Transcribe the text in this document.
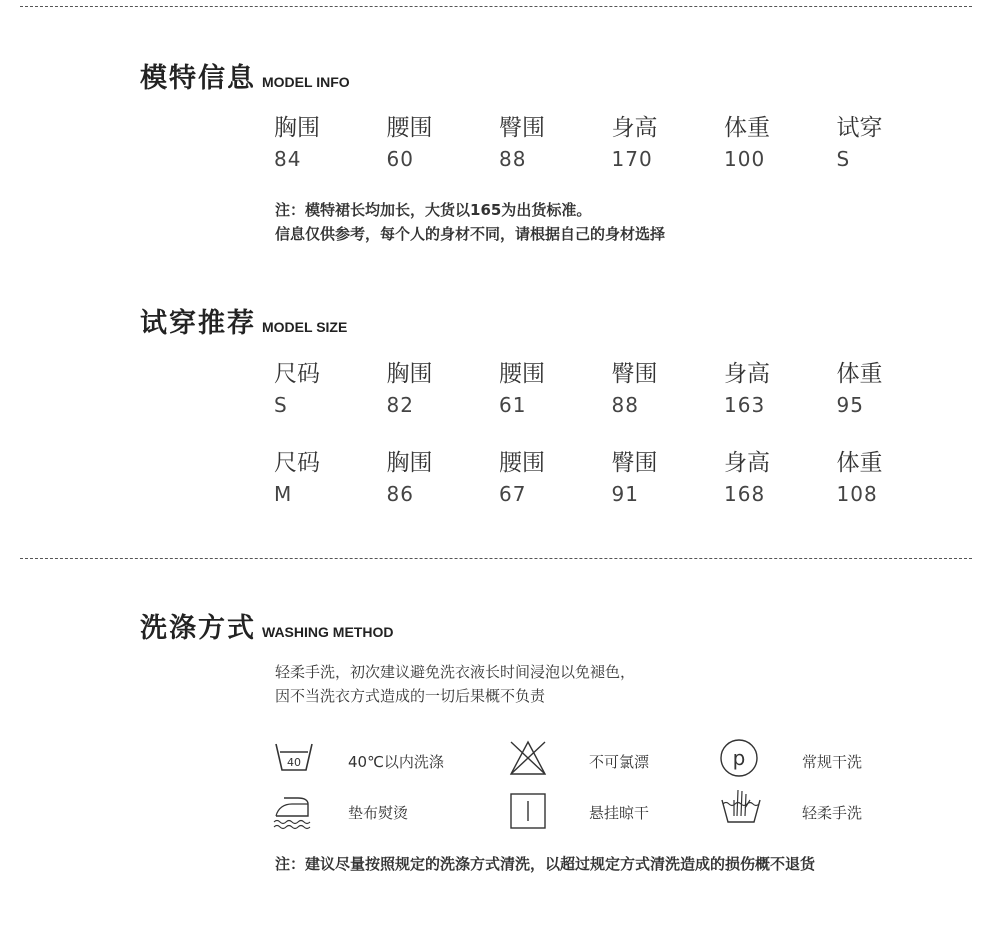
模特信息 MODEL INFO
胸围	腰围	臀围	身高	体重	试穿
84	60	88	170	100	S
注：模特裙长均加长，大货以165为出货标准。
信息仅供参考，每个人的身材不同，请根据自己的身材选择
试穿推荐 MODEL SIZE
尺码	胸围	腰围	臀围	身高	体重
S	82	61	88	163	95
尺码	胸围	腰围	臀围	身高	体重
M	86	67	91	168	108
洗涤方式 WASHING METHOD
轻柔手洗，初次建议避免洗衣液长时间浸泡以免褪色，
因不当洗衣方式造成的一切后果概不负责
40	40℃以内洗涤	不可氯漂	p	常规干洗
垫布熨烫	悬挂晾干	轻柔手洗
注：建议尽量按照规定的洗涤方式清洗，以超过规定方式清洗造成的损伤概不退货
